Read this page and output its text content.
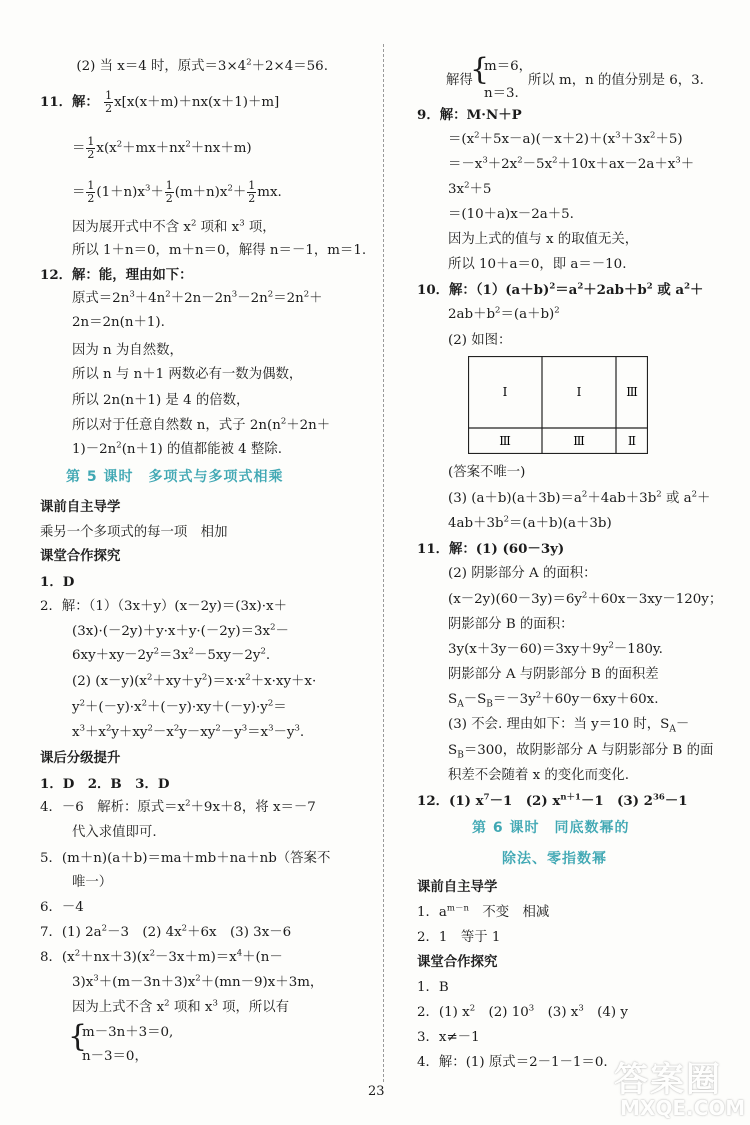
　(2) 当 x＝4 时，原式$=3\times 4^2+2\times 4=56$.
11．解： $\frac{1}{2} x[x(x+m)+nx(x+1)+m]$
＝ $\frac{1}{2} x(x^2+mx+nx^2+nx+m)$
＝ $\frac{1}{2} (1+n)x^3+ \frac{1}{2} (m+n)x^2+ \frac{1}{2}$ mx.
因为展开式中不含 $x^2$ 项和 $x^3$ 项，
所以 1＋n＝0，m＋n＝0，解得 n＝－1，m＝1.
12．解：能，理由如下：
原式$=2n^3+4n^2+2n-2n^3-2n^2=2n^2+$
2n＝2n(n＋1).
因为 n 为自然数，
所以 n 与 n＋1 两数必有一数为偶数，
所以 2n(n＋1) 是 4 的倍数，
所以对于任意自然数 n，式子 $2n(n^2+2n+$
$1)-2n^2(n+1)$ 的值都能被 4 整除.
第 5 课时　多项式与多项式相乘
课前自主导学
乘另一个多项式的每一项　相加
课堂合作探究
1．D
2．解：（1）（3x＋y）(x－2y)＝(3x)·x＋
$(3x)\cdot(-2y)+y\cdot x+y\cdot(-2y)=3x^2-$
$6xy+xy-2y^2=3x^2-5xy-2y^2$.
(2) $(x-y)(x^2+xy+y^2)=x\cdot x^2+x\cdot xy+x\cdot$
$y^2+(-y)\cdot x^2+(-y)\cdot xy+(-y)\cdot y^2=$
$x^3+x^2y+xy^2-x^2y-xy^2-y^3=x^3-y^3$.
课后分级提升
1．D　2．B　3．D
4．－6　解析：原式$=x^2+9x+8$，将 x＝－7
代入求值即可.
5．(m＋n)(a＋b)＝ma＋mb＋na＋nb（答案不
唯一）
6．－4
7．(1) $2a^2-3$　(2) $4x^2+6x$　(3) 3x－6
8．$(x^2+nx+3)(x^2-3x+m)=x^4+(n-$
$3)x^3+(m-3n+3)x^2+(mn-9)x+3m$，
因为上式不含 $x^2$ 项和 $x^3$ 项，所以有
{
m－3n＋3＝0,
n－3＝0，
解得
{
m＝6，
所以 m，n 的值分别是 6，3.
n＝3.
9．解：M·N＋P
$=(x^2+5x-a)(-x+2)+(x^3+3x^2+5)$
$=-x^3+2x^2-5x^2+10x+ax-2a+x^3+$
$3x^2+5$
＝(10＋a)x－2a＋5.
因为上式的值与 x 的取值无关，
所以 10＋a＝0，即 a＝－10.
10．解：$(1)(a+b)^2=a^2+2ab+b^2$ 或 $a^2+$
$2ab+b^2=(a+b)^2$
(2) 如图：
(答案不唯一)
(3) $(a+b)(a+3b)=a^2+4ab+3b^2$ 或 $a^2+$
$4ab+3b^2=(a+b)(a+3b)$
11．解：(1) (60－3y)
(2) 阴影部分 A 的面积：
$(x-2y)(60-3y)=6y^2+60x-3xy-120y$；
阴影部分 B 的面积：
$3y(x+3y-60)=3xy+9y^2-180y$.
阴影部分 A 与阴影部分 B 的面积差
$S_A-S_B=-3y^2+60y-6xy+60x$.
(3) 不会. 理由如下：当 y＝10 时，$S_A-$
$S_B=300$，故阴影部分 A 与阴影部分 B 的面
积差不会随着 x 的变化而变化.
12．(1) $x^7-1$　(2) $x^{n+1}-1$　(3) $2^{36}-1$
第 6 课时　同底数幂的
除法、零指数幂
课前自主导学
1．$a^{m-n}$　不变　相减
2．1　等于 1
课堂合作探究
1．B
2．(1) $x^2$　(2) $10^3$　(3) $x^3$　(4) y
3．x≠－1
4．解：(1) 原式＝2－1－1＝0.
Ⅰ	Ⅰ	Ⅲ
Ⅲ	Ⅲ	Ⅱ
23	答案圈
MXQE.COM
